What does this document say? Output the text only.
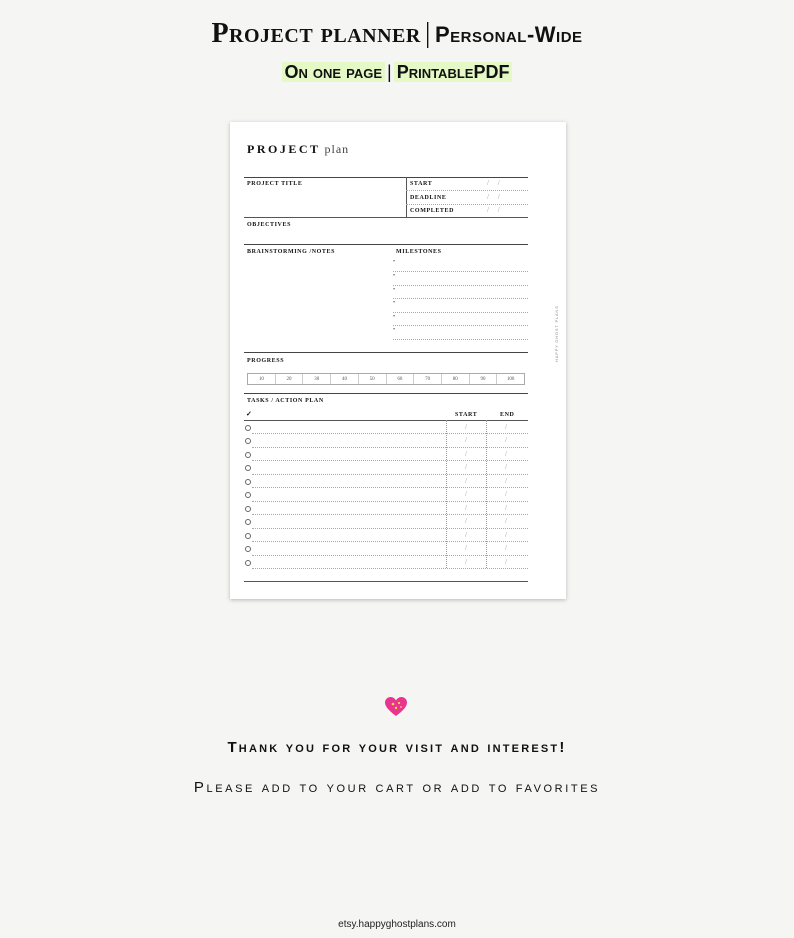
Project planner | Personal-Wide
On one page | PrintablePDF
PROJECT plan
PROJECT TITLE	START	/     /
DEADLINE	/     /
COMPLETED	/     /
OBJECTIVES
BRAINSTORMING /NOTES	MILESTONES
•
•
•
•
•
•
PROGRESS
10	20	30	40	50	60	70	80	90	100
TASKS / ACTION PLAN
✓	START	END
/	/
/	/
/	/
/	/
/	/
/	/
/	/
/	/
/	/
/	/
/	/
HAPPY GHOST PLANS
Thank you for your visit and interest!
Please add to your cart or add to favorites
etsy.happyghostplans.com
